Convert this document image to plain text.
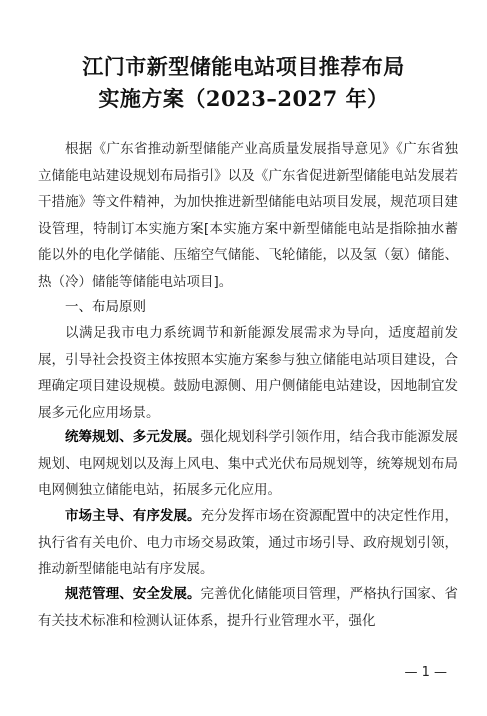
江门市新型储能电站项目推荐布局
实施方案（2023–2027 年）

根据《广东省推动新型储能产业高质量发展指导意见》《广东省独立储能电站建设规划布局指引》以及《广东省促进新型储能电站发展若干措施》等文件精神，为加快推进新型储能电站项目发展，规范项目建设管理，特制订本实施方案[本实施方案中新型储能电站是指除抽水蓄能以外的电化学储能、压缩空气储能、飞轮储能，以及氢（氨）储能、热（冷）储能等储能电站项目]。

一、布局原则

以满足我市电力系统调节和新能源发展需求为导向，适度超前发展，引导社会投资主体按照本实施方案参与独立储能电站项目建设，合理确定项目建设规模。鼓励电源侧、用户侧储能电站建设，因地制宜发展多元化应用场景。

统筹规划、多元发展。强化规划科学引领作用，结合我市能源发展规划、电网规划以及海上风电、集中式光伏布局规划等，统筹规划布局电网侧独立储能电站，拓展多元化应用。

市场主导、有序发展。充分发挥市场在资源配置中的决定性作用，执行省有关电价、电力市场交易政策，通过市场引导、政府规划引领，推动新型储能电站有序发展。

规范管理、安全发展。完善优化储能项目管理，严格执行国家、省有关技术标准和检测认证体系，提升行业管理水平，强化

— 1 —
